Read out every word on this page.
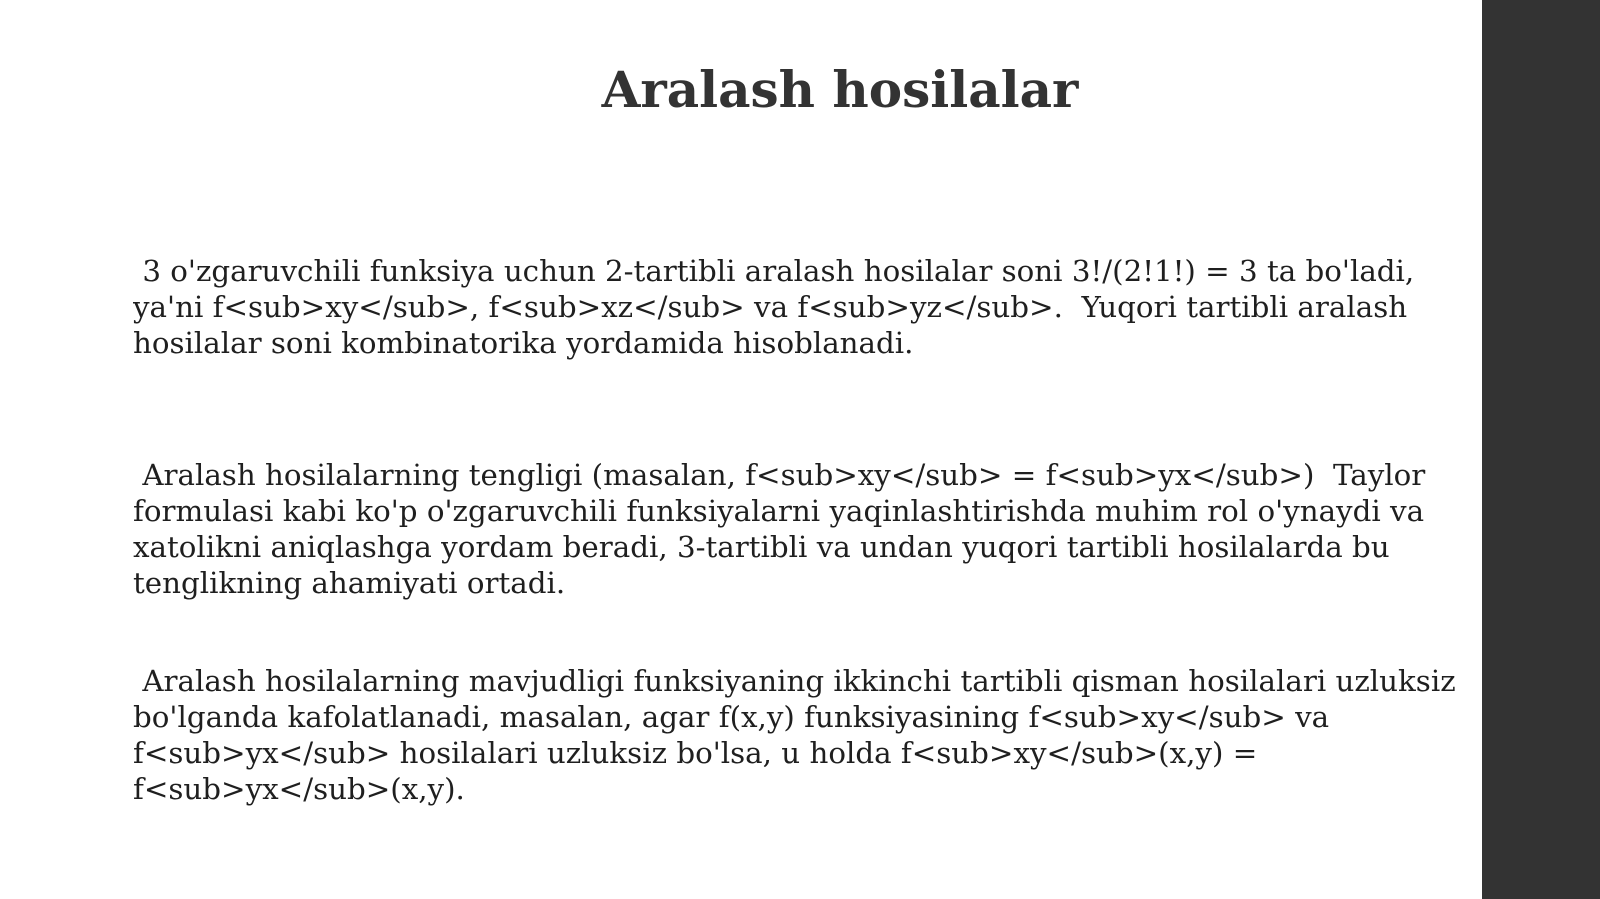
Aralash hosilalar

3 o'zgaruvchili funksiya uchun 2-tartibli aralash hosilalar soni 3!/(2!1!) = 3 ta bo'ladi, ya'ni f<sub>xy</sub>, f<sub>xz</sub> va f<sub>yz</sub>.  Yuqori tartibli aralash hosilalar soni kombinatorika yordamida hisoblanadi.

Aralash hosilalarning tengligi (masalan, f<sub>xy</sub> = f<sub>yx</sub>)  Taylor formulasi kabi ko'p o'zgaruvchili funksiyalarni yaqinlashtirishda muhim rol o'ynaydi va xatolikni aniqlashga yordam beradi, 3-tartibli va undan yuqori tartibli hosilalarda bu tenglikning ahamiyati ortadi.

Aralash hosilalarning mavjudligi funksiyaning ikkinchi tartibli qisman hosilalari uzluksiz bo'lganda kafolatlanadi, masalan, agar f(x,y) funksiyasining f<sub>xy</sub> va f<sub>yx</sub> hosilalari uzluksiz bo'lsa, u holda f<sub>xy</sub>(x,y) = f<sub>yx</sub>(x,y).
